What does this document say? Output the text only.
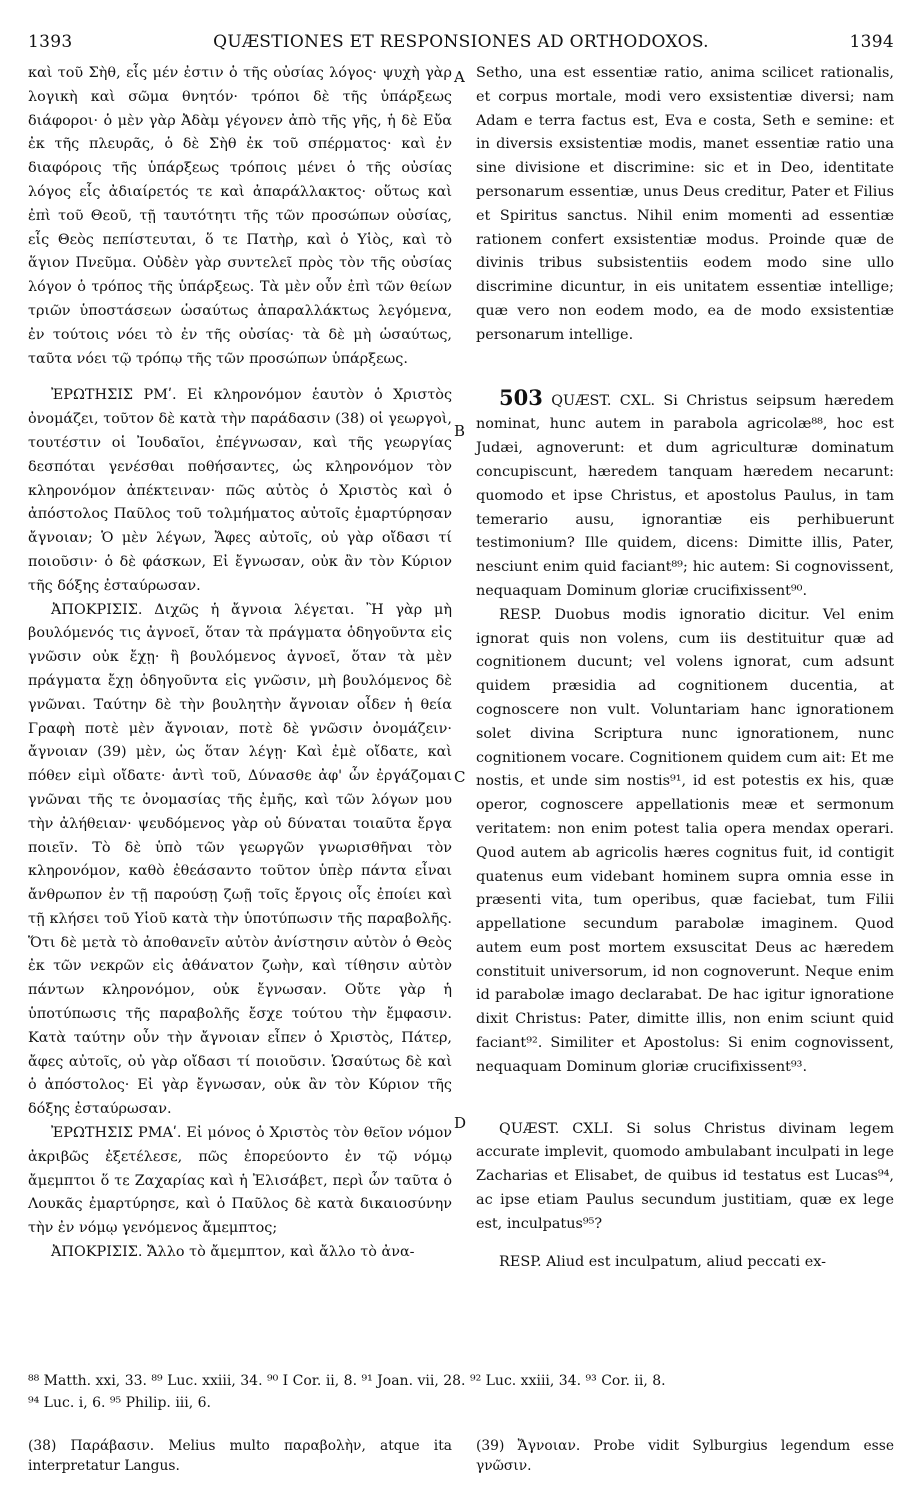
1393	QUÆSTIONES ET RESPONSIONES AD ORTHODOXOS.	1394
A
B
C
D

καὶ τοῦ Σὴθ, εἷς μέν ἐστιν ὁ τῆς οὐσίας λόγος· ψυχὴ γὰρ λογικὴ καὶ σῶμα θνητόν· τρόποι δὲ τῆς ὑπάρξεως διάφοροι· ὁ μὲν γὰρ Ἀδὰμ γέγονεν ἀπὸ τῆς γῆς, ἡ δὲ Εὔα ἐκ τῆς πλευρᾶς, ὁ δὲ Σὴθ ἐκ τοῦ σπέρματος· καὶ ἐν διαφόροις τῆς ὑπάρξεως τρόποις μένει ὁ τῆς οὐσίας λόγος εἷς ἀδιαίρετός τε καὶ ἀπαράλλακτος· οὕτως καὶ ἐπὶ τοῦ Θεοῦ, τῇ ταυτότητι τῆς τῶν προσώπων οὐσίας, εἷς Θεὸς πεπίστευται, ὅ τε Πατὴρ, καὶ ὁ Υἱὸς, καὶ τὸ ἅγιον Πνεῦμα. Οὐδὲν γὰρ συντελεῖ πρὸς τὸν τῆς οὐσίας λόγον ὁ τρόπος τῆς ὑπάρξεως. Τὰ μὲν οὖν ἐπὶ τῶν θείων τριῶν ὑποστάσεων ὡσαύτως ἀπαραλλάκτως λεγόμενα, ἐν τούτοις νόει τὸ ἐν τῆς οὐσίας· τὰ δὲ μὴ ὡσαύτως, ταῦτα νόει τῷ τρόπῳ τῆς τῶν προσώπων ὑπάρξεως.

ἘΡΩΤΗΣΙΣ ΡΜʹ. Εἰ κληρονόμον ἑαυτὸν ὁ Χριστὸς ὀνομάζει, τοῦτον δὲ κατὰ τὴν παράδασιν (38) οἱ γεωργοὶ, τουτέστιν οἱ Ἰουδαῖοι, ἐπέγνωσαν, καὶ τῆς γεωργίας δεσπόται γενέσθαι ποθήσαντες, ὡς κληρονόμον τὸν κληρονόμον ἀπέκτειναν· πῶς αὐτὸς ὁ Χριστὸς καὶ ὁ ἀπόστολος Παῦλος τοῦ τολμήματος αὐτοῖς ἐμαρτύρησαν ἄγνοιαν; Ὁ μὲν λέγων, Ἄφες αὐτοῖς, οὐ γὰρ οἴδασι τί ποιοῦσιν· ὁ δὲ φάσκων, Εἰ ἔγνωσαν, οὐκ ἂν τὸν Κύριον τῆς δόξης ἐσταύρωσαν.

ἈΠΟΚΡΙΣΙΣ. Διχῶς ἡ ἄγνοια λέγεται. Ἢ γὰρ μὴ βουλόμενός τις ἀγνοεῖ, ὅταν τὰ πράγματα ὁδηγοῦντα εἰς γνῶσιν οὐκ ἔχῃ· ἢ βουλόμενος ἀγνοεῖ, ὅταν τὰ μὲν πράγματα ἔχῃ ὁδηγοῦντα εἰς γνῶσιν, μὴ βουλόμενος δὲ γνῶναι. Ταύτην δὲ τὴν βουλητὴν ἄγνοιαν οἶδεν ἡ θεία Γραφὴ ποτὲ μὲν ἄγνοιαν, ποτὲ δὲ γνῶσιν ὀνομάζειν· ἄγνοιαν (39) μὲν, ὡς ὅταν λέγῃ· Καὶ ἐμὲ οἴδατε, καὶ πόθεν εἰμὶ οἴδατε· ἀντὶ τοῦ, Δύνασθε ἀφ' ὧν ἐργάζομαι γνῶναι τῆς τε ὀνομασίας τῆς ἐμῆς, καὶ τῶν λόγων μου τὴν ἀλήθειαν· ψευδόμενος γὰρ οὐ δύναται τοιαῦτα ἔργα ποιεῖν. Τὸ δὲ ὑπὸ τῶν γεωργῶν γνωρισθῆναι τὸν κληρονόμον, καθὸ ἐθεάσαντο τοῦτον ὑπὲρ πάντα εἶναι ἄνθρωπον ἐν τῇ παρούσῃ ζωῇ τοῖς ἔργοις οἷς ἐποίει καὶ τῇ κλήσει τοῦ Υἱοῦ κατὰ τὴν ὑποτύπωσιν τῆς παραβολῆς. Ὅτι δὲ μετὰ τὸ ἀποθανεῖν αὐτὸν ἀνίστησιν αὐτὸν ὁ Θεὸς ἐκ τῶν νεκρῶν εἰς ἀθάνατον ζωὴν, καὶ τίθησιν αὐτὸν πάντων κληρονόμον, οὐκ ἔγνωσαν. Οὔτε γὰρ ἡ ὑποτύπωσις τῆς παραβολῆς ἔσχε τούτου τὴν ἔμφασιν. Κατὰ ταύτην οὖν τὴν ἄγνοιαν εἶπεν ὁ Χριστὸς, Πάτερ, ἄφες αὐτοῖς, οὐ γὰρ οἴδασι τί ποιοῦσιν. Ὡσαύτως δὲ καὶ ὁ ἀπόστολος· Εἰ γὰρ ἔγνωσαν, οὐκ ἂν τὸν Κύριον τῆς δόξης ἐσταύρωσαν.

ἘΡΩΤΗΣΙΣ ΡΜΑʹ. Εἰ μόνος ὁ Χριστὸς τὸν θεῖον νόμον ἀκριβῶς ἐξετέλεσε, πῶς ἐπορεύοντο ἐν τῷ νόμῳ ἄμεμπτοι ὅ τε Ζαχαρίας καὶ ἡ Ἐλισάβετ, περὶ ὧν ταῦτα ὁ Λουκᾶς ἐμαρτύρησε, καὶ ὁ Παῦλος δὲ κατὰ δικαιοσύνην τὴν ἐν νόμῳ γενόμενος ἄμεμπτος;

ἈΠΟΚΡΙΣΙΣ. Ἄλλο τὸ ἄμεμπτον, καὶ ἄλλο τὸ ἀνα-

Setho, una est essentiæ ratio, anima scilicet rationalis, et corpus mortale, modi vero exsistentiæ diversi; nam Adam e terra factus est, Eva e costa, Seth e semine: et in diversis exsistentiæ modis, manet essentiæ ratio una sine divisione et discrimine: sic et in Deo, identitate personarum essentiæ, unus Deus creditur, Pater et Filius et Spiritus sanctus. Nihil enim momenti ad essentiæ rationem confert exsistentiæ modus. Proinde quæ de divinis tribus subsistentiis eodem modo sine ullo discrimine dicuntur, in eis unitatem essentiæ intellige; quæ vero non eodem modo, ea de modo exsistentiæ personarum intellige.

503 QUÆST. CXL. Si Christus seipsum hæredem nominat, hunc autem in parabola agricolæ⁸⁸, hoc est Judæi, agnoverunt: et dum agriculturæ dominatum concupiscunt, hæredem tanquam hæredem necarunt: quomodo et ipse Christus, et apostolus Paulus, in tam temerario ausu, ignorantiæ eis perhibuerunt testimonium? Ille quidem, dicens: Dimitte illis, Pater, nesciunt enim quid faciant⁸⁹; hic autem: Si cognovissent, nequaquam Dominum gloriæ crucifixissent⁹⁰.

RESP. Duobus modis ignoratio dicitur. Vel enim ignorat quis non volens, cum iis destituitur quæ ad cognitionem ducunt; vel volens ignorat, cum adsunt quidem præsidia ad cognitionem ducentia, at cognoscere non vult. Voluntariam hanc ignorationem solet divina Scriptura nunc ignorationem, nunc cognitionem vocare. Cognitionem quidem cum ait: Et me nostis, et unde sim nostis⁹¹, id est potestis ex his, quæ operor, cognoscere appellationis meæ et sermonum veritatem: non enim potest talia opera mendax operari. Quod autem ab agricolis hæres cognitus fuit, id contigit quatenus eum videbant hominem supra omnia esse in præsenti vita, tum operibus, quæ faciebat, tum Filii appellatione secundum parabolæ imaginem. Quod autem eum post mortem exsuscitat Deus ac hæredem constituit universorum, id non cognoverunt. Neque enim id parabolæ imago declarabat. De hac igitur ignoratione dixit Christus: Pater, dimitte illis, non enim sciunt quid faciant⁹². Similiter et Apostolus: Si enim cognovissent, nequaquam Dominum gloriæ crucifixissent⁹³.

QUÆST. CXLI. Si solus Christus divinam legem accurate implevit, quomodo ambulabant inculpati in lege Zacharias et Elisabet, de quibus id testatus est Lucas⁹⁴, ac ipse etiam Paulus secundum justitiam, quæ ex lege est, inculpatus⁹⁵?

RESP. Aliud est inculpatum, aliud peccati ex-

⁸⁸ Matth. xxi, 33. ⁸⁹ Luc. xxiii, 34. ⁹⁰ I Cor. ii, 8. ⁹¹ Joan. vii, 28. ⁹² Luc. xxiii, 34. ⁹³ Cor. ii, 8.

⁹⁴ Luc. i, 6. ⁹⁵ Philip. iii, 6.

(38) Παράβασιν. Melius multo παραβολὴν, atque ita interpretatur Langus.

(39) Ἄγνοιαν. Probe vidit Sylburgius legendum esse γνῶσιν.
